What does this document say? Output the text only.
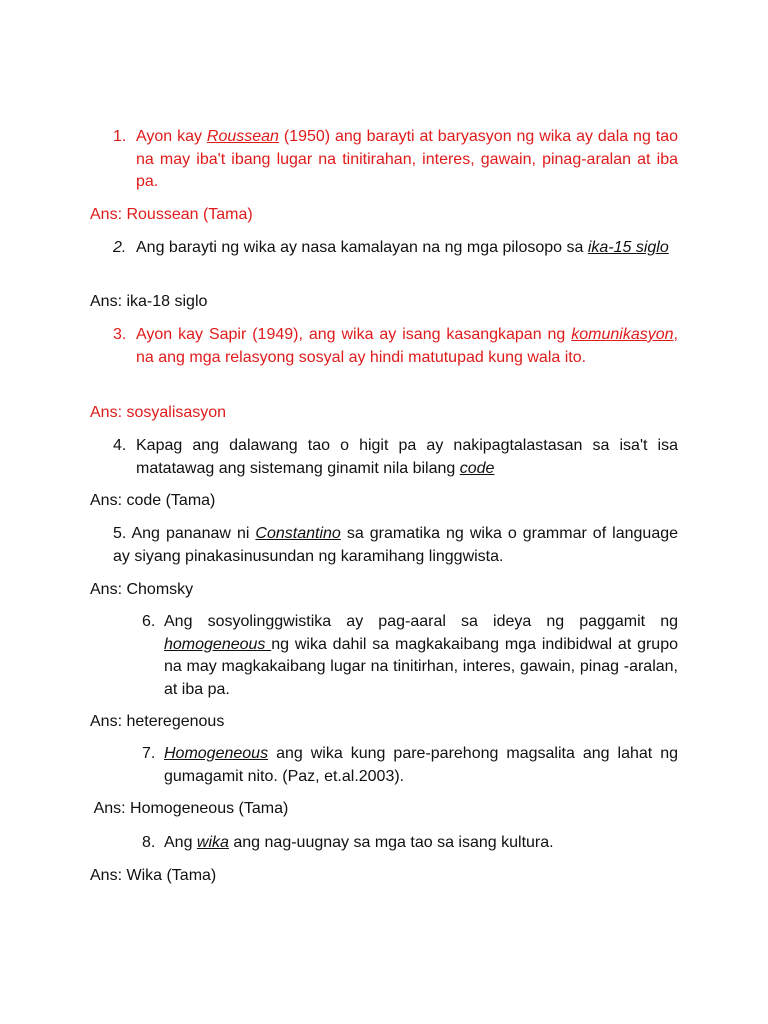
1. Ayon kay Roussean (1950) ang barayti at baryasyon ng wika ay dala ng tao na may iba't ibang lugar na tinitirahan, interes, gawain, pinag-aralan at iba pa.
Ans: Roussean (Tama)
2. Ang barayti ng wika ay nasa kamalayan na ng mga pilosopo sa ika-15 siglo
Ans: ika-18 siglo
3. Ayon kay Sapir (1949), ang wika ay isang kasangkapan ng komunikasyon, na ang mga relasyong sosyal ay hindi matutupad kung wala ito.
Ans: sosyalisasyon
4. Kapag ang dalawang tao o higit pa ay nakipagtalastasan sa isa't isa matatawag ang sistemang ginamit nila bilang code
Ans: code (Tama)
5. Ang pananaw ni Constantino sa gramatika ng wika o grammar of language ay siyang pinakasinusundan ng karamihang linggwista.
Ans: Chomsky
6. Ang sosyolinggwistika ay pag-aaral sa ideya ng paggamit ng homogeneous ng wika dahil sa magkakaibang mga indibidwal at grupo na may magkakaibang lugar na tinitirhan, interes, gawain, pinag -aralan, at iba pa.
Ans: heteregenous
7. Homogeneous ang wika kung pare-parehong magsalita ang lahat ng gumagamit nito. (Paz, et.al.2003).
Ans: Homogeneous (Tama)
8. Ang wika ang nag-uugnay sa mga tao sa isang kultura.
Ans: Wika (Tama)
